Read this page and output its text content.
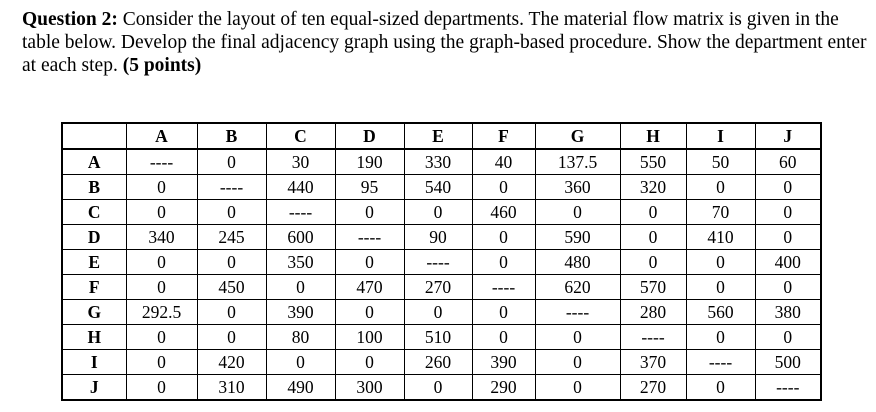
Question 2: Consider the layout of ten equal-sized departments. The material flow matrix is given in the table below. Develop the final adjacency graph using the graph-based procedure. Show the department enter at each step. (5 points)

	A	B	C	D	E	F	G	H	I	J
A	----	0	30	190	330	40	137.5	550	50	60
B	0	----	440	95	540	0	360	320	0	0
C	0	0	----	0	0	460	0	0	70	0
D	340	245	600	----	90	0	590	0	410	0
E	0	0	350	0	----	0	480	0	0	400
F	0	450	0	470	270	----	620	570	0	0
G	292.5	0	390	0	0	0	----	280	560	380
H	0	0	80	100	510	0	0	----	0	0
I	0	420	0	0	260	390	0	370	----	500
J	0	310	490	300	0	290	0	270	0	----
